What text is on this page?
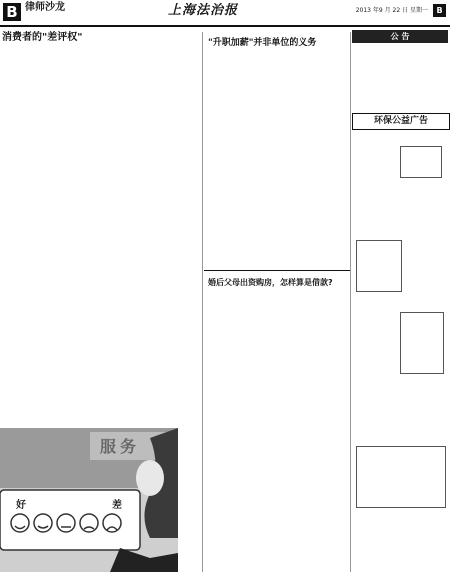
B 律师沙龙	上海法治报	2013 年9 月 22 日 星期一	B
消费者的"差评权"
服务
好	差
"升职加薪"并非单位的义务
婚后父母出资购房，怎样算是借款?
公 告
环保公益广告
